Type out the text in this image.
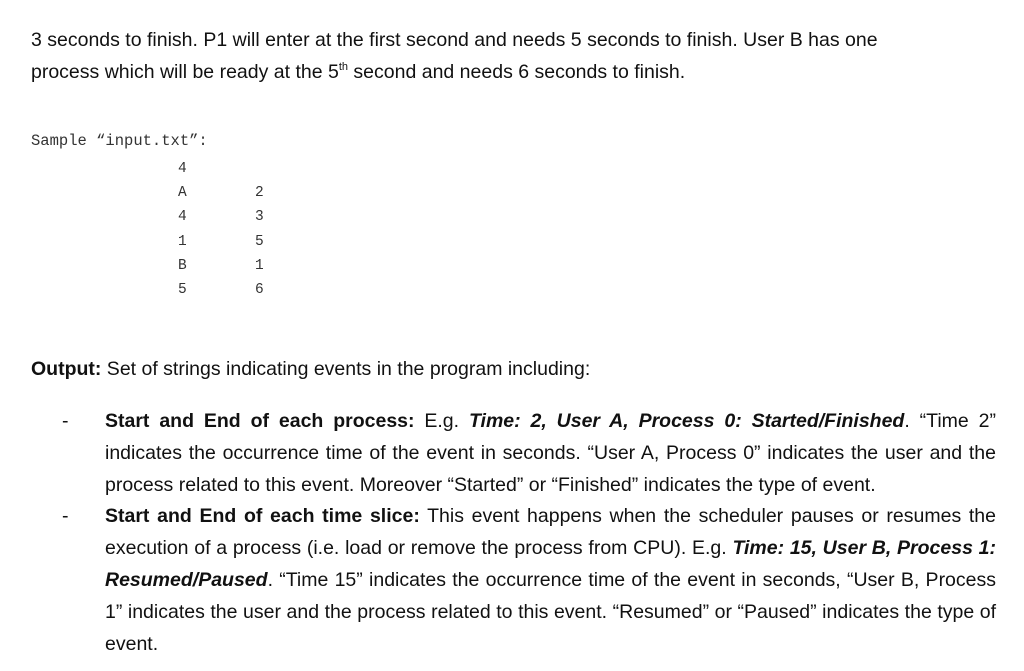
3 seconds to finish. P1 will enter at the first second and needs 5 seconds to finish. User B has one
process which will be ready at the 5th second and needs 6 seconds to finish.
Sample “input.txt”:
4
A	2
4	3
1	5
B	1
5	6
Output: Set of strings indicating events in the program including:
- Start and End of each process: E.g. Time: 2, User A, Process 0: Started/Finished. “Time 2” indicates the occurrence time of the event in seconds. “User A, Process 0” indicates the user and the process related to this event. Moreover “Started” or “Finished” indicates the type of event.
- Start and End of each time slice: This event happens when the scheduler pauses or resumes the execution of a process (i.e. load or remove the process from CPU). E.g. Time: 15, User B, Process 1: Resumed/Paused. “Time 15” indicates the occurrence time of the event in seconds, “User B, Process 1” indicates the user and the process related to this event. “Resumed” or “Paused” indicates the type of event.
